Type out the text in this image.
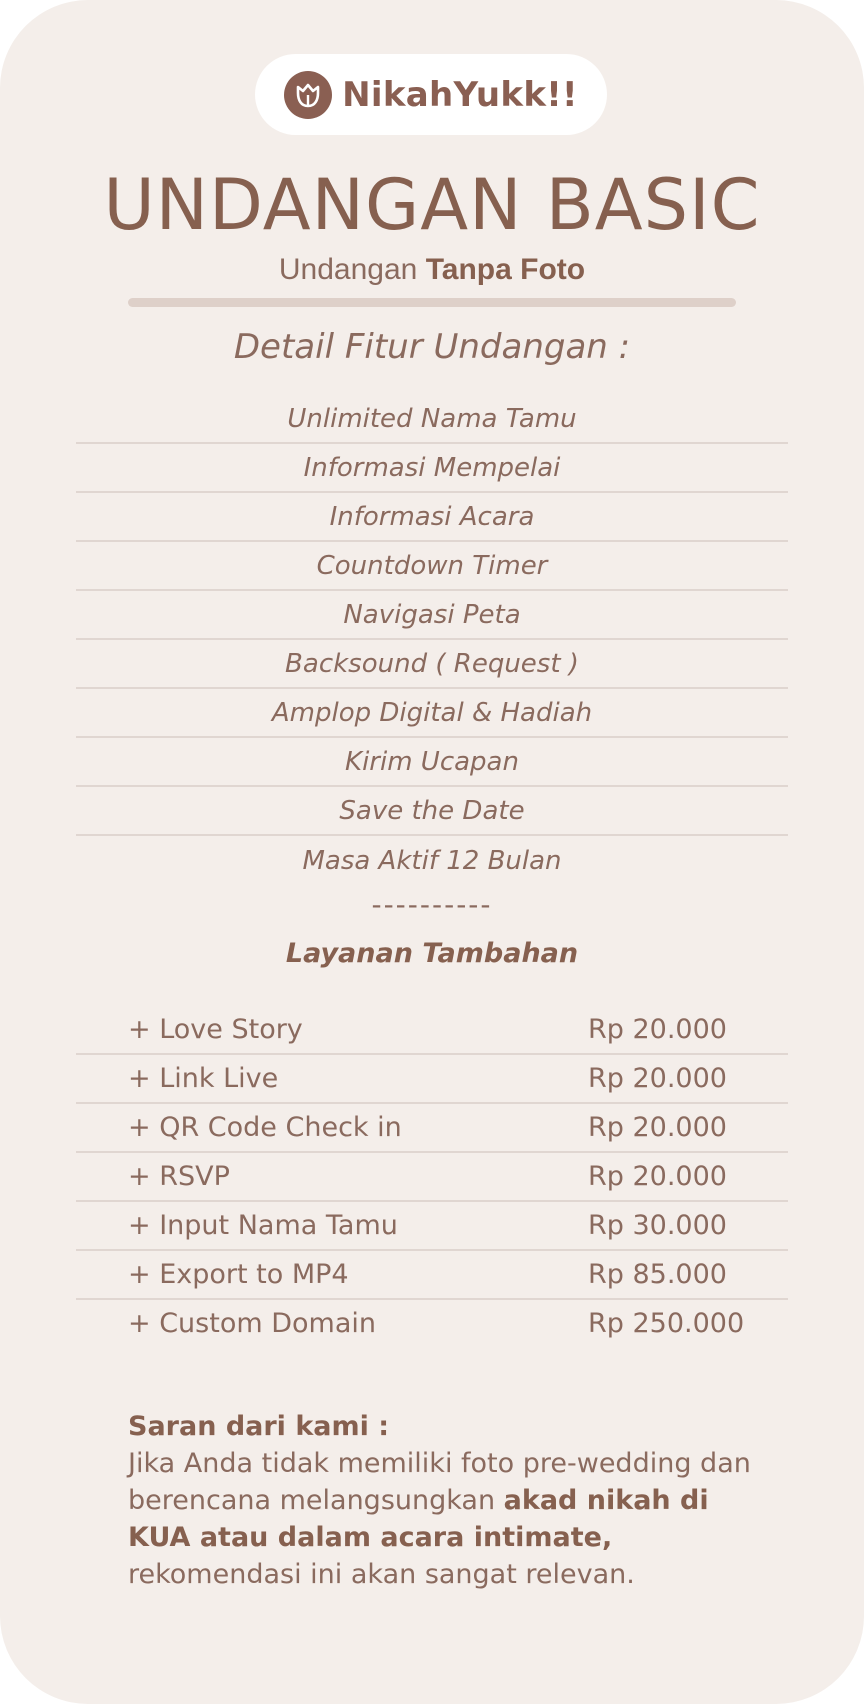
NikahYukk!!
UNDANGAN BASIC
Undangan Tanpa Foto
Detail Fitur Undangan :
Unlimited Nama Tamu
Informasi Mempelai
Informasi Acara
Countdown Timer
Navigasi Peta
Backsound ( Request )
Amplop Digital & Hadiah
Kirim Ucapan
Save the Date
Masa Aktif 12 Bulan
----------
Layanan Tambahan
+ Love Story	Rp 20.000
+ Link Live	Rp 20.000
+ QR Code Check in	Rp 20.000
+ RSVP	Rp 20.000
+ Input Nama Tamu	Rp 30.000
+ Export to MP4	Rp 85.000
+ Custom Domain	Rp 250.000
Saran dari kami :
Jika Anda tidak memiliki foto pre-wedding dan berencana melangsungkan akad nikah di KUA atau dalam acara intimate, rekomendasi ini akan sangat relevan.
